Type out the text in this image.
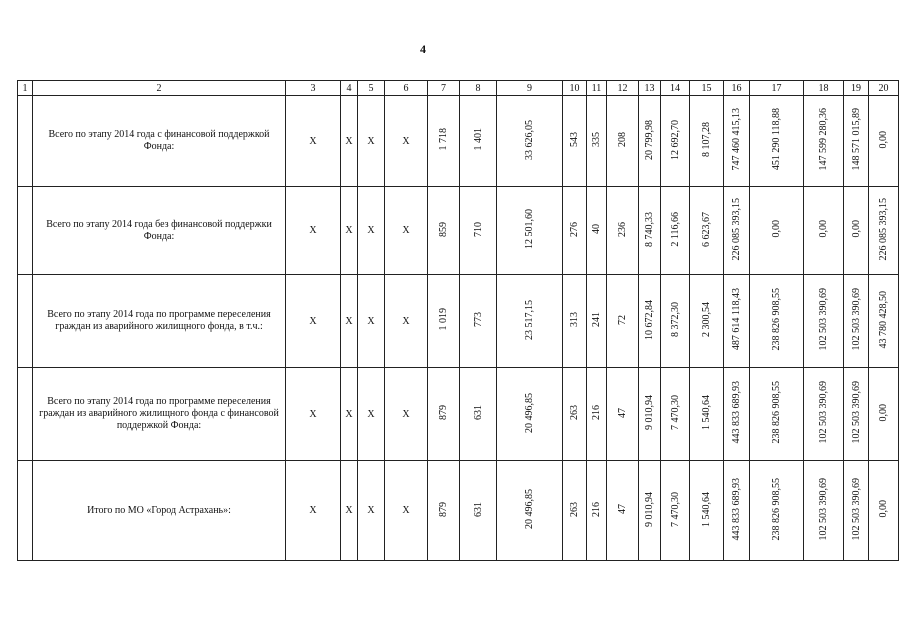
4
1	2	3	4	5	6	7	8	9	10	11	12	13	14	15	16	17	18	19	20
	Всего по этапу 2014 года с финансовой поддержкой Фонда:	X	X	X	X	1 718	1 401	33 626,05	543	335	208	20 799,98	12 692,70	8 107,28	747 460 415,13	451 290 118,88	147 599 280,36	148 571 015,89	0,00
	Всего по этапу 2014 года без финансовой поддержки Фонда:	X	X	X	X	859	710	12 501,60	276	40	236	8 740,33	2 116,66	6 623,67	226 085 393,15	0,00	0,00	0,00	226 085 393,15
	Всего по этапу 2014 года по программе переселения граждан из аварийного жилищного фонда, в т.ч.:	X	X	X	X	1 019	773	23 517,15	313	241	72	10 672,84	8 372,30	2 300,54	487 614 118,43	238 826 908,55	102 503 390,69	102 503 390,69	43 780 428,50
	Всего по этапу 2014 года по программе переселения граждан из аварийного жилищного фонда с финансовой поддержкой Фонда:	X	X	X	X	879	631	20 496,85	263	216	47	9 010,94	7 470,30	1 540,64	443 833 689,93	238 826 908,55	102 503 390,69	102 503 390,69	0,00
	Итого по МО «Город Астрахань»:	X	X	X	X	879	631	20 496,85	263	216	47	9 010,94	7 470,30	1 540,64	443 833 689,93	238 826 908,55	102 503 390,69	102 503 390,69	0,00
